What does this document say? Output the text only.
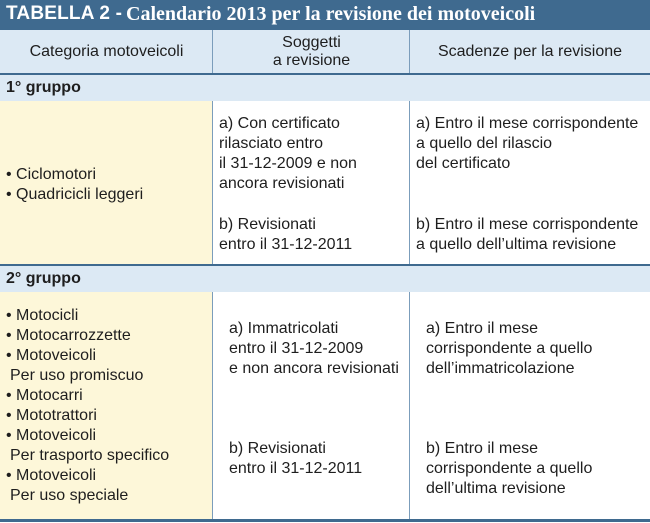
TABELLA 2 - Calendario 2013 per la revisione dei motoveicoli
Categoria motoveicoli
Soggetti
a revisione
Scadenze per la revisione
1° gruppo
• Ciclomotori
• Quadricicli leggeri
a) Con certificato
rilasciato entro
il 31-12-2009 e non
ancora revisionati
b) Revisionati
entro il 31-12-2011
a) Entro il mese corrispondente
a quello del rilascio
del certificato
b) Entro il mese corrispondente
a quello dell’ultima revisione
2° gruppo
• Motocicli
• Motocarrozzette
• Motoveicoli
Per uso promiscuo
• Motocarri
• Mototrattori
• Motoveicoli
Per trasporto specifico
• Motoveicoli
Per uso speciale
a) Immatricolati
entro il 31-12-2009
e non ancora revisionati
b) Revisionati
entro il 31-12-2011
a) Entro il mese
corrispondente a quello
dell’immatricolazione
b) Entro il mese
corrispondente a quello
dell’ultima revisione
